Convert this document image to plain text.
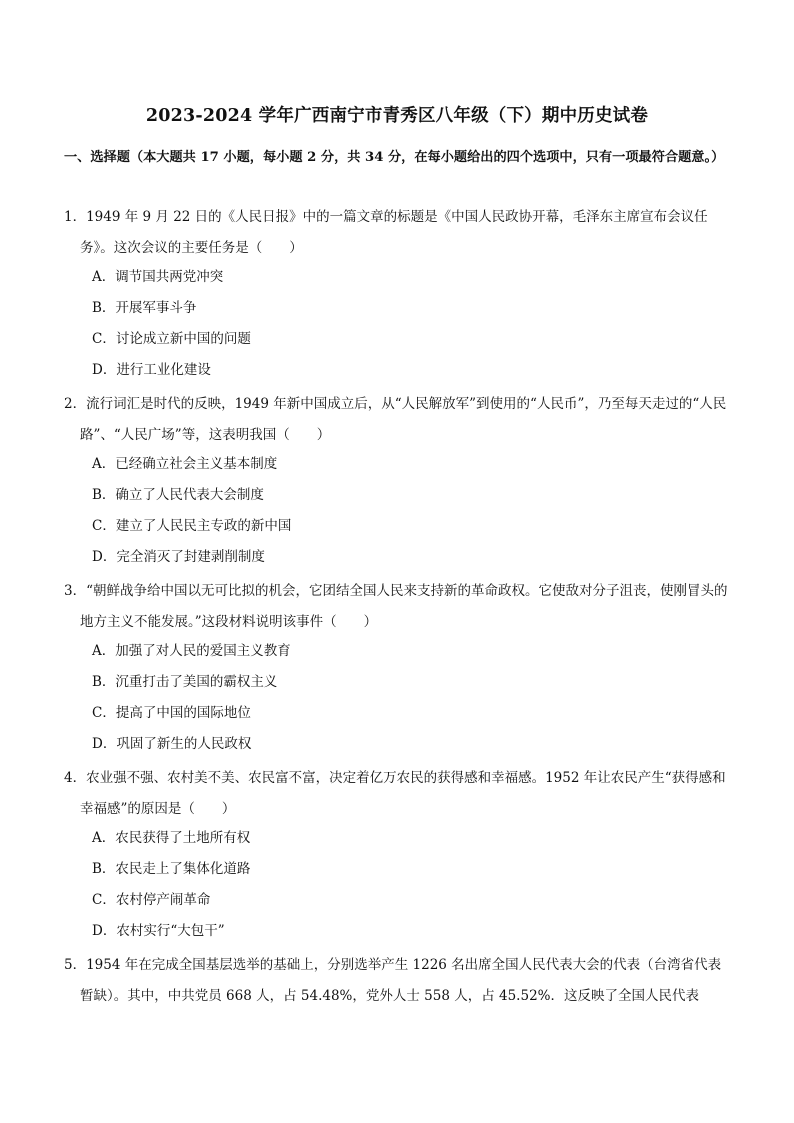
2023-2024 学年广西南宁市青秀区八年级（下）期中历史试卷
一、选择题（本大题共 17 小题，每小题 2 分，共 34 分，在每小题给出的四个选项中，只有一项最符合题意。）

1．1949 年 9 月 22 日的《人民日报》中的一篇文章的标题是《中国人民政协开幕，毛泽东主席宣布会议任务》。这次会议的主要任务是（　　）

A．调节国共两党冲突
B．开展军事斗争
C．讨论成立新中国的问题
D．进行工业化建设

2．流行词汇是时代的反映，1949 年新中国成立后，从“人民解放军”到使用的“人民币”，乃至每天走过的“人民路”、“人民广场”等，这表明我国（　　）

A．已经确立社会主义基本制度
B．确立了人民代表大会制度
C．建立了人民民主专政的新中国
D．完全消灭了封建剥削制度

3．“朝鲜战争给中国以无可比拟的机会，它团结全国人民来支持新的革命政权。它使敌对分子沮丧，使刚冒头的地方主义不能发展。”这段材料说明该事件（　　）

A．加强了对人民的爱国主义教育
B．沉重打击了美国的霸权主义
C．提高了中国的国际地位
D．巩固了新生的人民政权

4．农业强不强、农村美不美、农民富不富，决定着亿万农民的获得感和幸福感。1952 年让农民产生“获得感和幸福感”的原因是（　　）

A．农民获得了土地所有权
B．农民走上了集体化道路
C．农村停产闹革命
D．农村实行“大包干”

5．1954 年在完成全国基层选举的基础上，分别选举产生 1226 名出席全国人民代表大会的代表（台湾省代表暂缺）。其中，中共党员 668 人，占 54.48%，党外人士 558 人，占 45.52%．这反映了全国人民代表
